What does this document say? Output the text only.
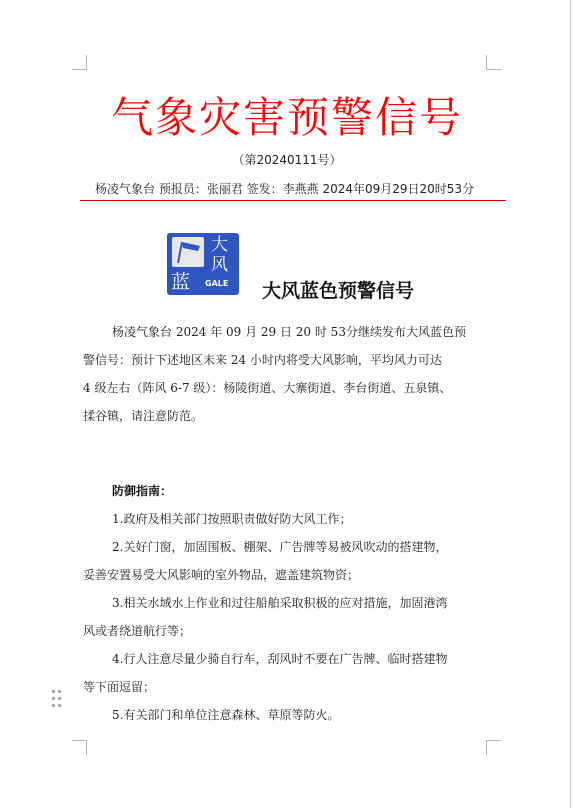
气象灾害预警信号
（第20240111号）
杨凌气象台 预报员：张丽君 签发：李燕燕 2024年09月29日20时53分
大
风
蓝 GALE 大风蓝色预警信号
杨凌气象台 2024 年 09 月 29 日 20 时 53分继续发布大风蓝色预
警信号：预计下述地区未来 24 小时内将受大风影响，平均风力可达
4 级左右（阵风 6-7 级）：杨陵街道、大寨街道、李台街道、五泉镇、
揉谷镇，请注意防范。
防御指南：
1.政府及相关部门按照职责做好防大风工作；
2.关好门窗，加固围板、棚架、广告牌等易被风吹动的搭建物，
妥善安置易受大风影响的室外物品，遮盖建筑物资；
3.相关水域水上作业和过往船舶采取积极的应对措施，加固港湾
风或者绕道航行等；
4.行人注意尽量少骑自行车，刮风时不要在广告牌、临时搭建物
等下面逗留；
5.有关部门和单位注意森林、草原等防火。
